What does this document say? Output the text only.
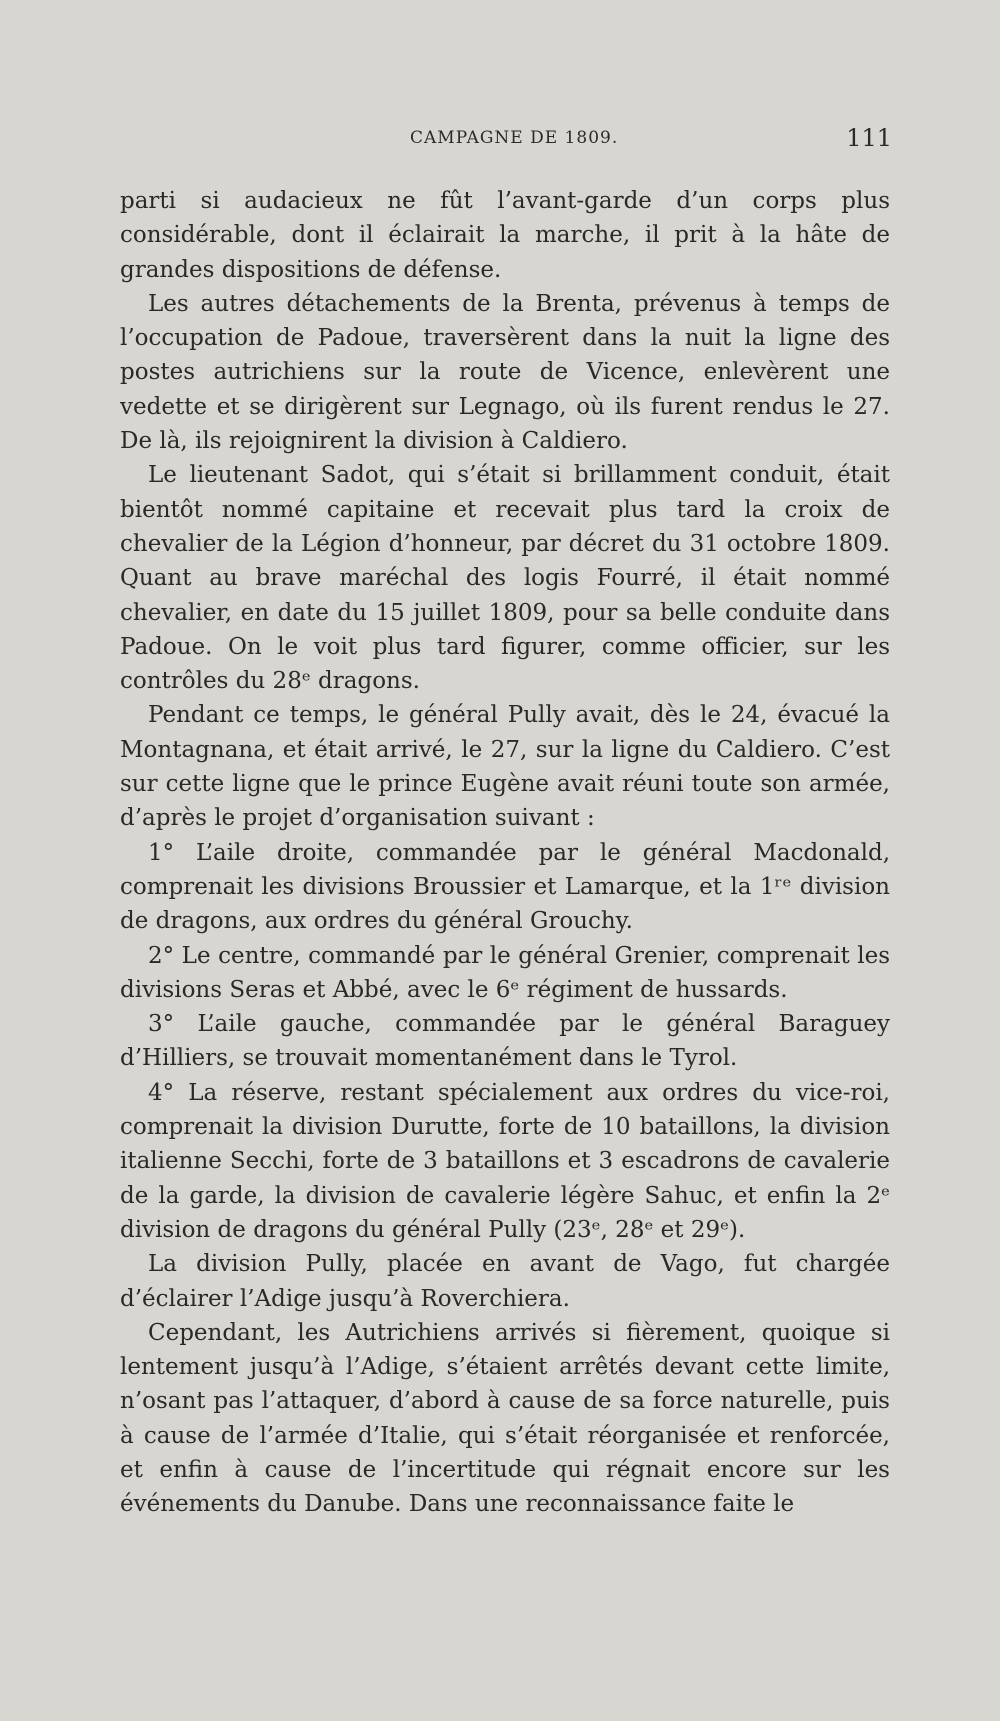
CAMPAGNE DE 1809.	111

parti si audacieux ne fût l’avant-garde d’un corps plus considérable, dont il éclairait la marche, il prit à la hâte de grandes dispositions de défense.

Les autres détachements de la Brenta, prévenus à temps de l’occupation de Padoue, traversèrent dans la nuit la ligne des postes autrichiens sur la route de Vicence, enlevèrent une vedette et se dirigèrent sur Legnago, où ils furent rendus le 27. De là, ils rejoignirent la division à Caldiero.

Le lieutenant Sadot, qui s’était si brillamment conduit, était bientôt nommé capitaine et recevait plus tard la croix de chevalier de la Légion d’honneur, par décret du 31 octobre 1809. Quant au brave maréchal des logis Fourré, il était nommé chevalier, en date du 15 juillet 1809, pour sa belle conduite dans Padoue. On le voit plus tard figurer, comme officier, sur les contrôles du 28ᵉ dragons.

Pendant ce temps, le général Pully avait, dès le 24, évacué la Montagnana, et était arrivé, le 27, sur la ligne du Caldiero. C’est sur cette ligne que le prince Eugène avait réuni toute son armée, d’après le projet d’organisation suivant :

1° L’aile droite, commandée par le général Macdonald, comprenait les divisions Broussier et Lamarque, et la 1ʳᵉ division de dragons, aux ordres du général Grouchy.

2° Le centre, commandé par le général Grenier, comprenait les divisions Seras et Abbé, avec le 6ᵉ régiment de hussards.

3° L’aile gauche, commandée par le général Baraguey d’Hilliers, se trouvait momentanément dans le Tyrol.

4° La réserve, restant spécialement aux ordres du vice-roi, comprenait la division Durutte, forte de 10 bataillons, la division italienne Secchi, forte de 3 bataillons et 3 escadrons de cavalerie de la garde, la division de cavalerie légère Sahuc, et enfin la 2ᵉ division de dragons du général Pully (23ᵉ, 28ᵉ et 29ᵉ).

La division Pully, placée en avant de Vago, fut chargée d’éclairer l’Adige jusqu’à Roverchiera.

Cependant, les Autrichiens arrivés si fièrement, quoique si lentement jusqu’à l’Adige, s’étaient arrêtés devant cette limite, n’osant pas l’attaquer, d’abord à cause de sa force naturelle, puis à cause de l’armée d’Italie, qui s’était réorganisée et renforcée, et enfin à cause de l’incertitude qui régnait encore sur les événements du Danube. Dans une reconnaissance faite le
